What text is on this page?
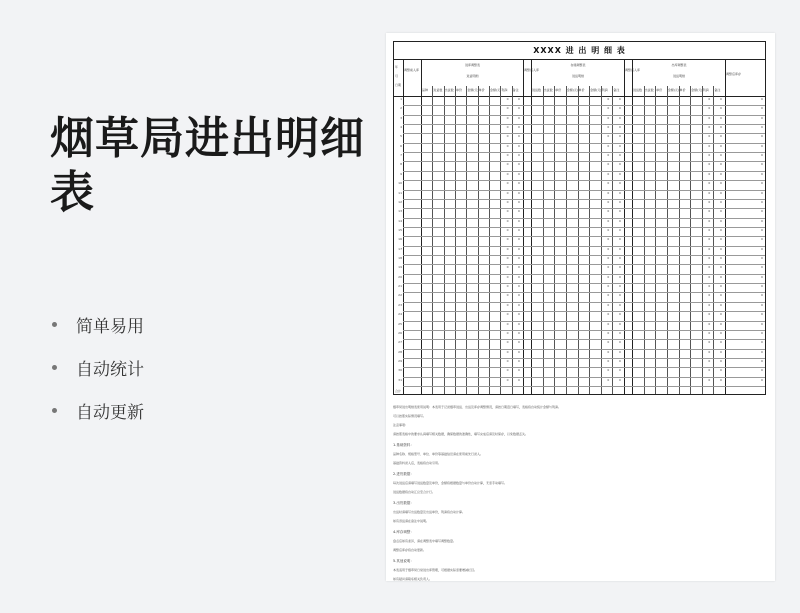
烟草局进出明细表
简单易用
自动统计
自动更新
XXXX 进 出 明 细 表
年
月
日期
进库调整表
进货明细
品种 进货数 出货数 单价 金额(元) 单价 金额(元) 利润
0
0
0
0
0
0
0
0
0
0
0
0
0
0
0
0
0
0
0
0
0
0
0
0
0
0
0
0
0
0
0
备注
0
0
0
0
0
0
0
0
0
0
0
0
0
0
0
0
0
0
0
0
0
0
0
0
0
0
0
0
0
0
0
调整后入库
存储调整表
进货明细
进货数 出货数 单价 金额(元) 单价 金额(元) 利润
0
0
0
0
0
0
0
0
0
0
0
0
0
0
0
0
0
0
0
0
0
0
0
0
0
0
0
0
0
0
0
备注
0
0
0
0
0
0
0
0
0
0
0
0
0
0
0
0
0
0
0
0
0
0
0
0
0
0
0
0
0
0
0
调整后入库
出库调整表
进货明细
进货数 出货数 单价 金额(元) 单价 金额(元) 利润
0
0
0
0
0
0
0
0
0
0
0
0
0
0
0
0
0
0
0
0
0
0
0
0
0
0
0
0
0
0
0
备注
0
0
0
0
0
0
0
0
0
0
0
0
0
0
0
0
0
0
0
0
0
0
0
0
0
0
0
0
0
0
0
调整前入库
调整后库存
0
0
0
0
0
0
0
0
0
0
0
0
0
0
0
0
0
0
0
0
0
0
0
0
0
0
0
0
0
0
0
1
2
3
4
5
6
7
8
9
10
11
12
13
14
15
16
17
18
19
20
21
22
23
24
25
26
27
28
29
30
31
合计

烟草局进出明细表使用说明：本表用于记录烟草进货、出货及库存调整情况，请按日期逐日填写，表格将自动统计金额与利润。

可以按照实际情况填写。

注意事项：

请按照表格中的要求认真填写相关数据，确保数据的准确性，填写完成后请及时保存，以免数据丢失。

1.基础资料：

品种名称、规格型号、单位、单价等基础信息请在使用前先行录入。

基础资料录入后，表格将自动引用。

2.进货数据：

每次进货后请填写进货数量及单价，金额将根据数量与单价自动计算，无需手动填写。

进货数据将自动汇总至合计行。

3.出货数据：

出货时请填写出货数量及出货单价，利润将自动计算。

如有退货请在备注中说明。

4.库存调整：

盘点后如有差异，请在调整表中填写调整数量。

调整后库存将自动更新。

5.其他说明：

本表适用于烟草局日常进出库管理，可根据实际需要增减栏目。

如有疑问请联系相关负责人。
